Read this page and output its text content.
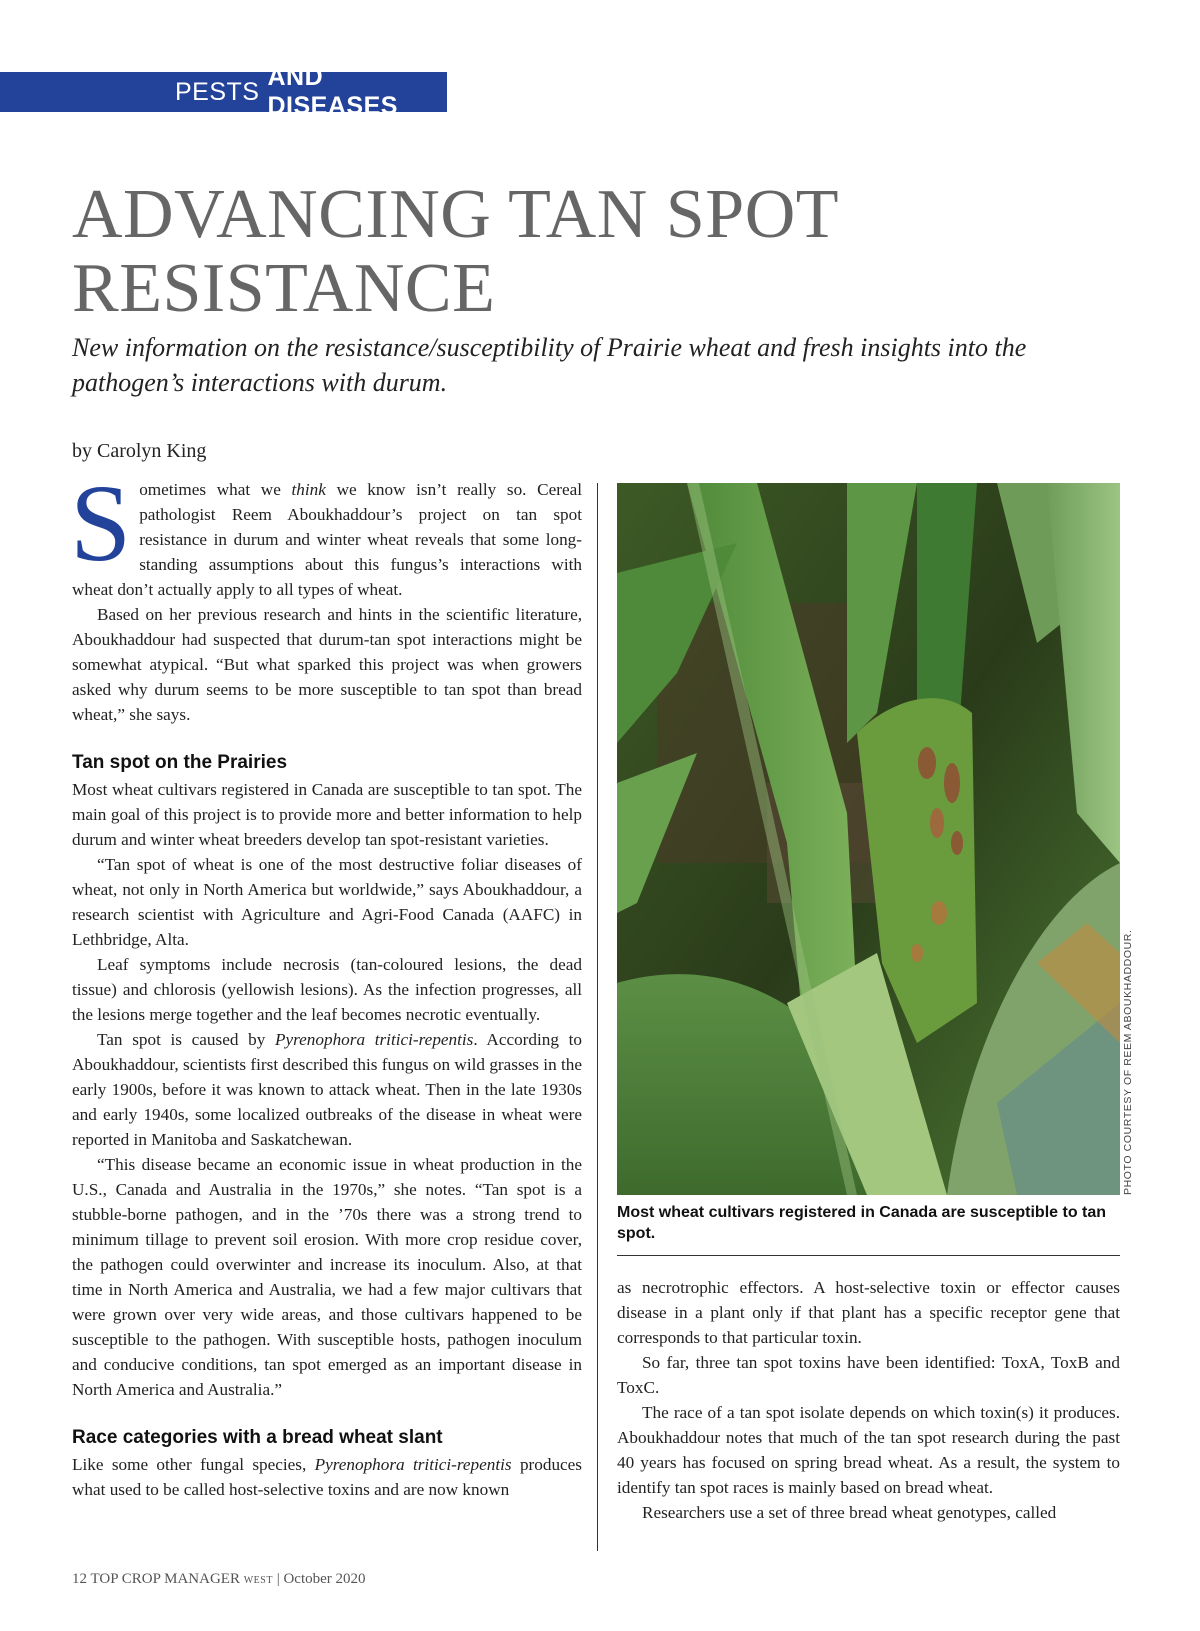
PESTS
AND DISEASES
ADVANCING TAN SPOT
RESISTANCE

New information on the resistance/susceptibility of Prairie wheat and fresh insights into the pathogen’s interactions with durum.

by Carolyn King

Sometimes what we think we know isn’t really so. Cereal pathologist Reem Aboukhaddour’s project on tan spot resistance in durum and winter wheat reveals that some long-standing assumptions about this fungus’s interactions with wheat don’t actually apply to all types of wheat.

Based on her previous research and hints in the scientific literature, Aboukhaddour had suspected that durum-tan spot interactions might be somewhat atypical. “But what sparked this project was when growers asked why durum seems to be more susceptible to tan spot than bread wheat,” she says.

Tan spot on the Prairies

Most wheat cultivars registered in Canada are susceptible to tan spot. The main goal of this project is to provide more and better information to help durum and winter wheat breeders develop tan spot-resistant varieties.

“Tan spot of wheat is one of the most destructive foliar diseases of wheat, not only in North America but worldwide,” says Aboukhaddour, a research scientist with Agriculture and Agri-Food Canada (AAFC) in Lethbridge, Alta.

Leaf symptoms include necrosis (tan-coloured lesions, the dead tissue) and chlorosis (yellowish lesions). As the infection progresses, all the lesions merge together and the leaf becomes necrotic eventually.

Tan spot is caused by Pyrenophora tritici-repentis. According to Aboukhaddour, scientists first described this fungus on wild grasses in the early 1900s, before it was known to attack wheat. Then in the late 1930s and early 1940s, some localized outbreaks of the disease in wheat were reported in Manitoba and Saskatchewan.

“This disease became an economic issue in wheat production in the U.S., Canada and Australia in the 1970s,” she notes. “Tan spot is a stubble-borne pathogen, and in the ’70s there was a strong trend to minimum tillage to prevent soil erosion. With more crop residue cover, the pathogen could overwinter and increase its inoculum. Also, at that time in North America and Australia, we had a few major cultivars that were grown over very wide areas, and those cultivars happened to be susceptible to the pathogen. With susceptible hosts, pathogen inoculum and conducive conditions, tan spot emerged as an important disease in North America and Australia.”

Race categories with a bread wheat slant

Like some other fungal species, Pyrenophora tritici-repentis produces what used to be called host-selective toxins and are now known

PHOTO COURTESY OF REEM ABOUKHADDOUR.
Most wheat cultivars registered in Canada are susceptible to tan spot.

as necrotrophic effectors. A host-selective toxin or effector causes disease in a plant only if that plant has a specific receptor gene that corresponds to that particular toxin.

So far, three tan spot toxins have been identified: ToxA, ToxB and ToxC.

The race of a tan spot isolate depends on which toxin(s) it produces. Aboukhaddour notes that much of the tan spot research during the past 40 years has focused on spring bread wheat. As a result, the system to identify tan spot races is mainly based on bread wheat.

Researchers use a set of three bread wheat genotypes, called

12 TOP CROP MANAGER WEST | October 2020
